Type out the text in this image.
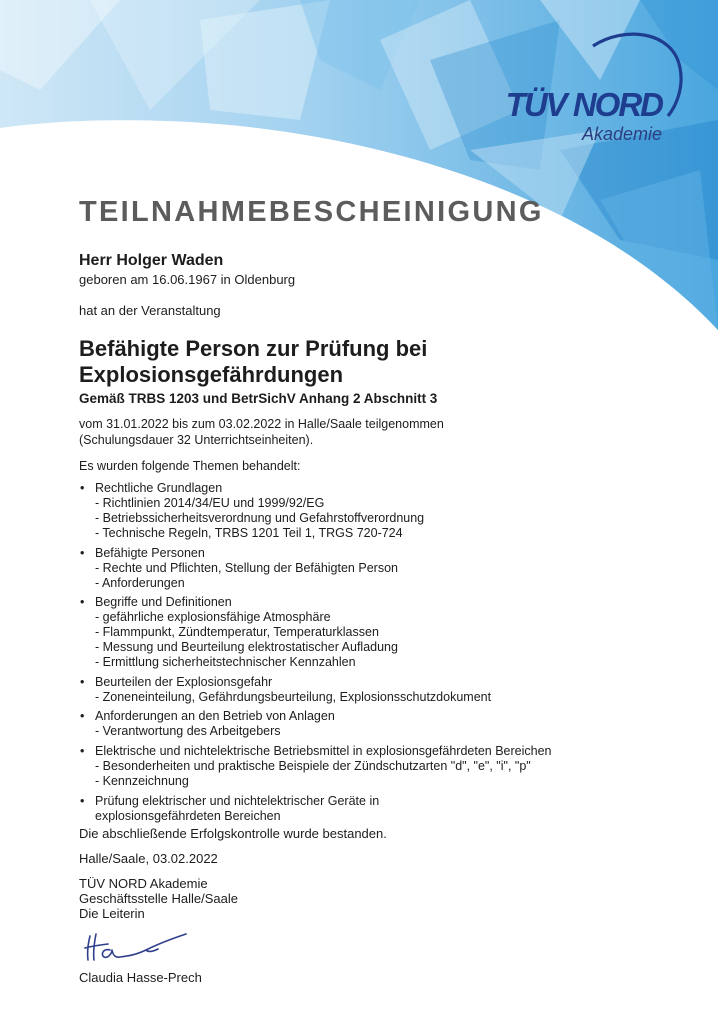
TÜV NORD
Akademie
TEILNAHMEBESCHEINIGUNG
Herr Holger Waden
geboren am 16.06.1967 in Oldenburg
hat an der Veranstaltung
Befähigte Person zur Prüfung bei
Explosionsgefährdungen
Gemäß TRBS 1203 und BetrSichV Anhang 2 Abschnitt 3
vom 31.01.2022 bis zum 03.02.2022 in Halle/Saale teilgenommen
(Schulungsdauer 32 Unterrichtseinheiten).
Es wurden folgende Themen behandelt:
• Rechtliche Grundlagen
- Richtlinien 2014/34/EU und 1999/92/EG
- Betriebssicherheitsverordnung und Gefahrstoffverordnung
- Technische Regeln, TRBS 1201 Teil 1, TRGS 720-724
• Befähigte Personen
- Rechte und Pflichten, Stellung der Befähigten Person
- Anforderungen
• Begriffe und Definitionen
- gefährliche explosionsfähige Atmosphäre
- Flammpunkt, Zündtemperatur, Temperaturklassen
- Messung und Beurteilung elektrostatischer Aufladung
- Ermittlung sicherheitstechnischer Kennzahlen
• Beurteilen der Explosionsgefahr
- Zoneneinteilung, Gefährdungsbeurteilung, Explosionsschutzdokument
• Anforderungen an den Betrieb von Anlagen
- Verantwortung des Arbeitgebers
• Elektrische und nichtelektrische Betriebsmittel in explosionsgefährdeten Bereichen
- Besonderheiten und praktische Beispiele der Zündschutzarten "d", "e", "i", "p"
- Kennzeichnung
• Prüfung elektrischer und nichtelektrischer Geräte in
explosionsgefährdeten Bereichen
Die abschließende Erfolgskontrolle wurde bestanden.
Halle/Saale, 03.02.2022
TÜV NORD Akademie
Geschäftsstelle Halle/Saale
Die Leiterin
Claudia Hasse-Prech
